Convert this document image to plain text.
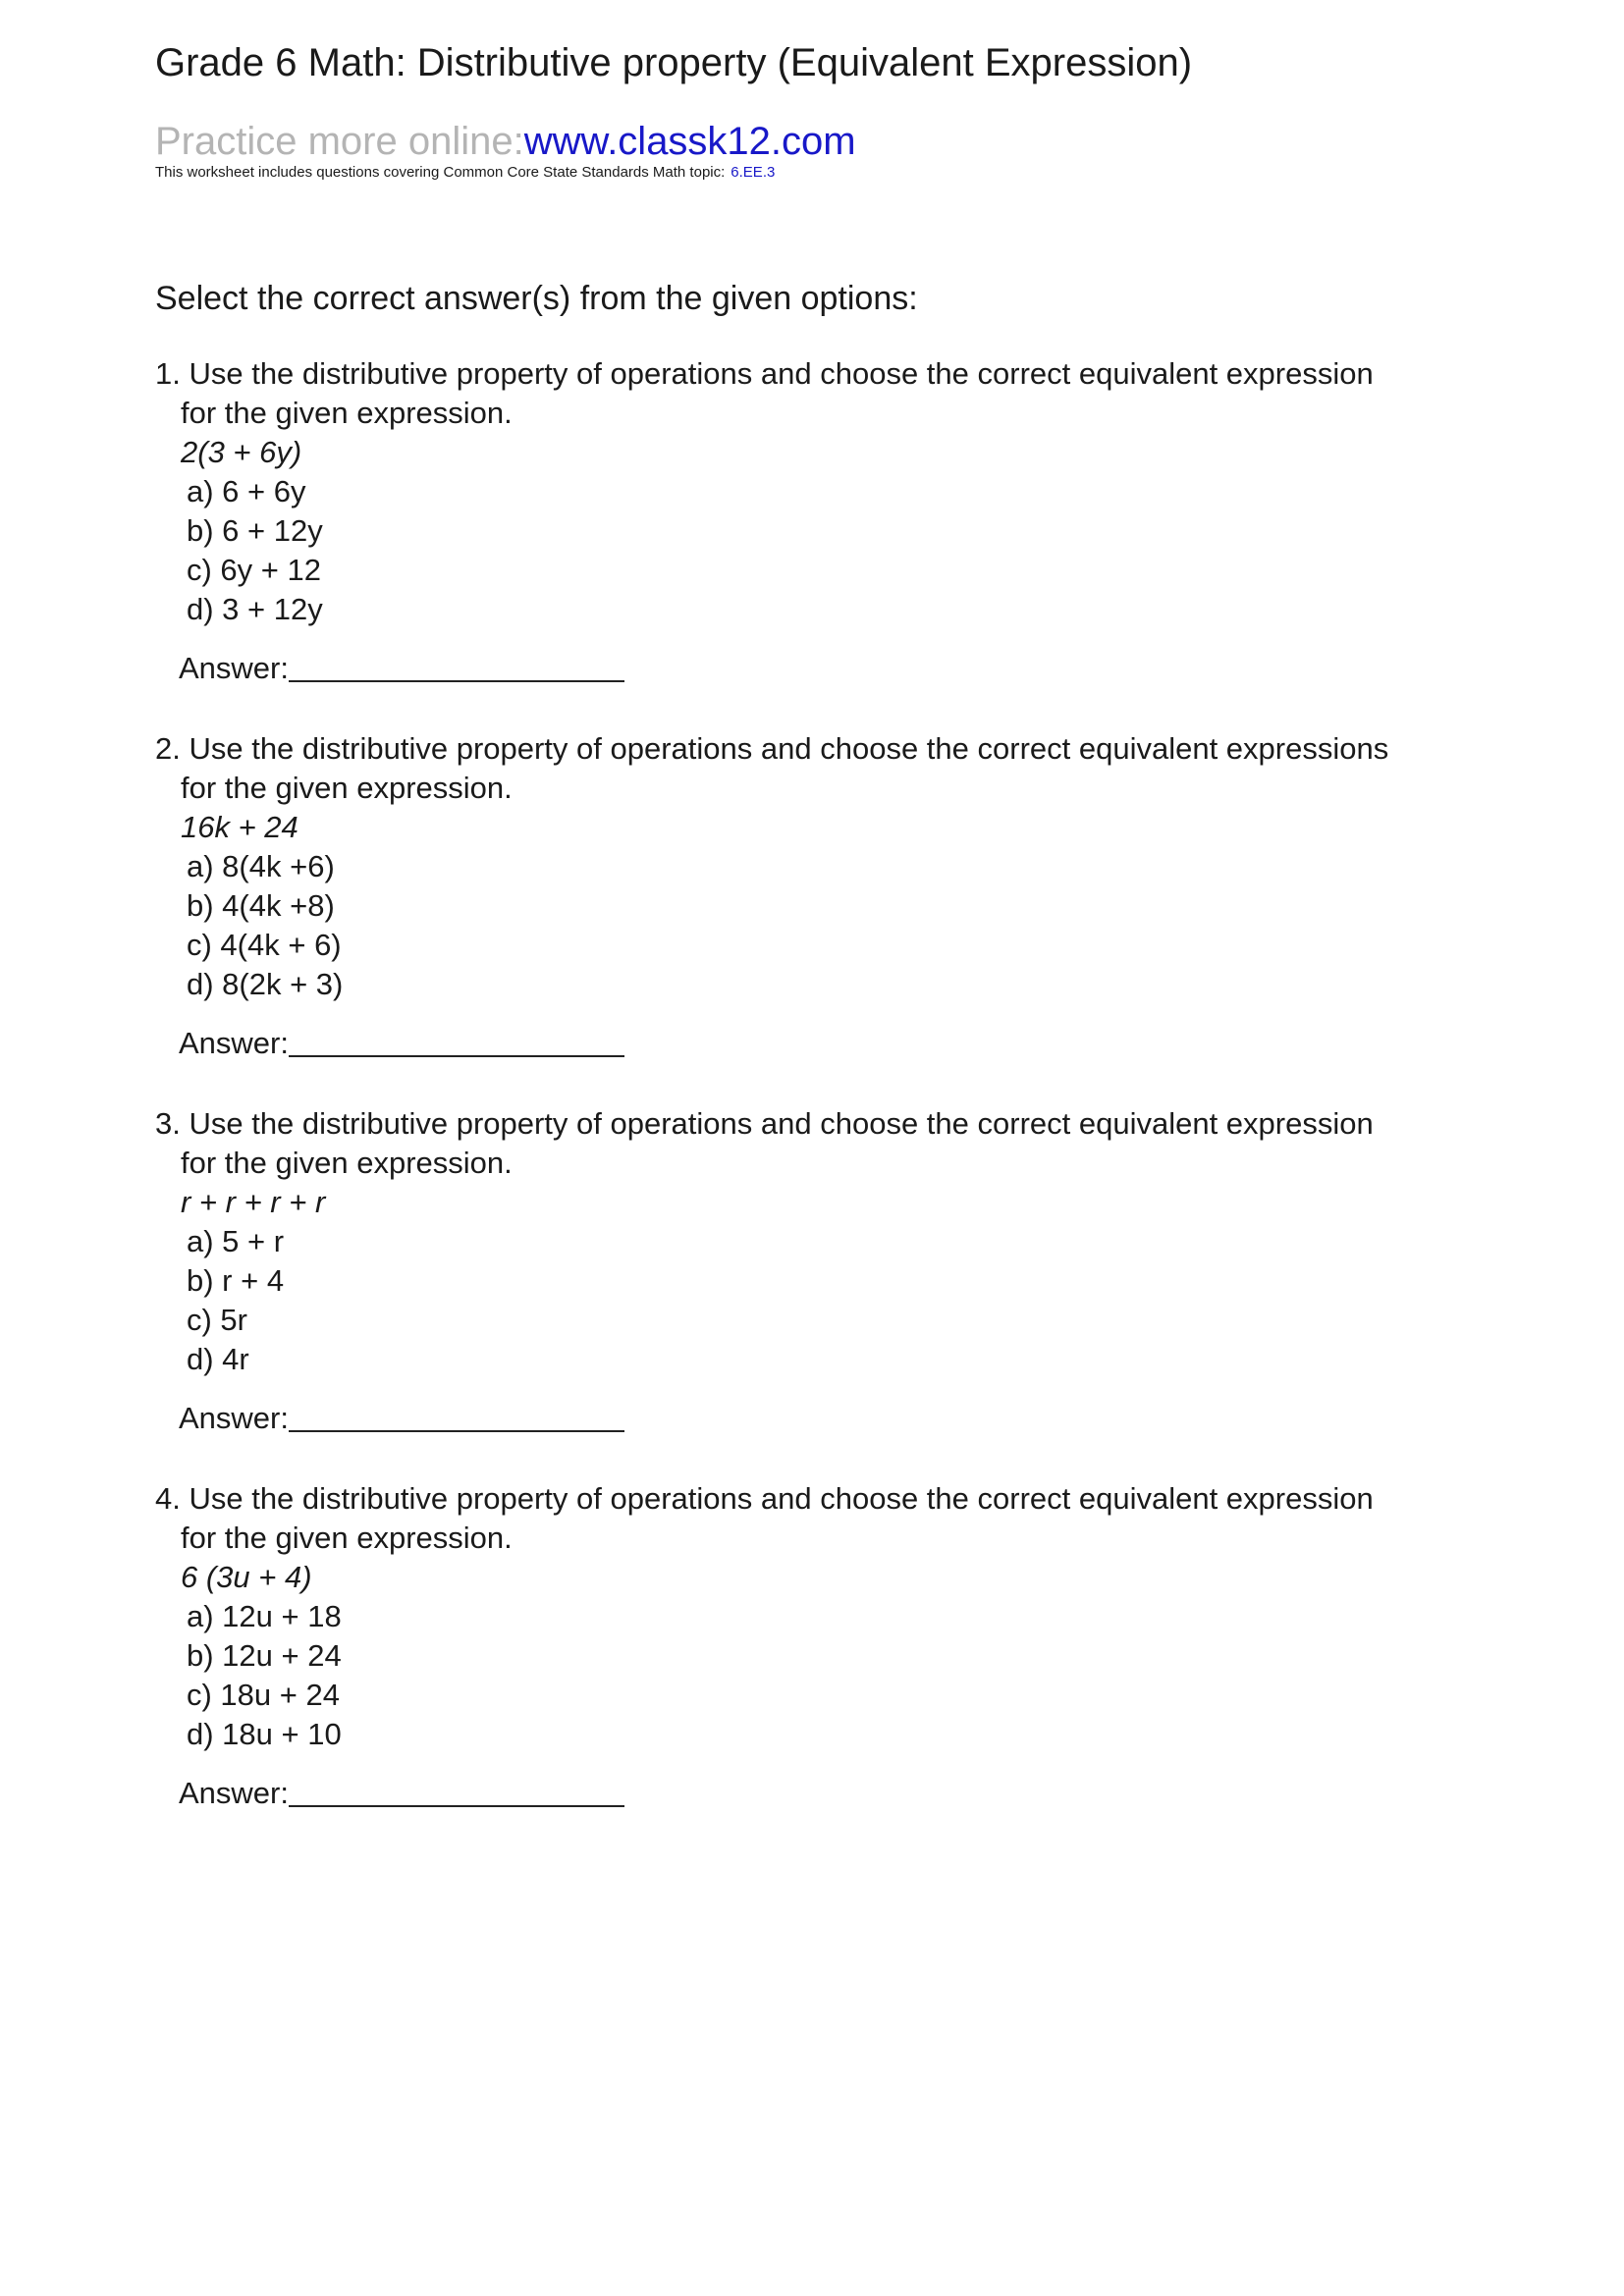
Grade 6 Math: Distributive property (Equivalent Expression)
Practice more online:www.classk12.com
This worksheet includes questions covering Common Core State Standards Math topic: 6.EE.3
Select the correct answer(s) from the given options:
1. Use the distributive property of operations and choose the correct equivalent expression
for the given expression.
2(3 + 6y)
a) 6 + 6y
b) 6 + 12y
c) 6y + 12
d) 3 + 12y
Answer:
2. Use the distributive property of operations and choose the correct equivalent expressions
for the given expression.
16k + 24
a) 8(4k +6)
b) 4(4k +8)
c) 4(4k + 6)
d) 8(2k + 3)
Answer:
3. Use the distributive property of operations and choose the correct equivalent expression
for the given expression.
r + r + r + r
a) 5 + r
b) r + 4
c) 5r
d) 4r
Answer:
4. Use the distributive property of operations and choose the correct equivalent expression
for the given expression.
6 (3u + 4)
a) 12u + 18
b) 12u + 24
c) 18u + 24
d) 18u + 10
Answer:
